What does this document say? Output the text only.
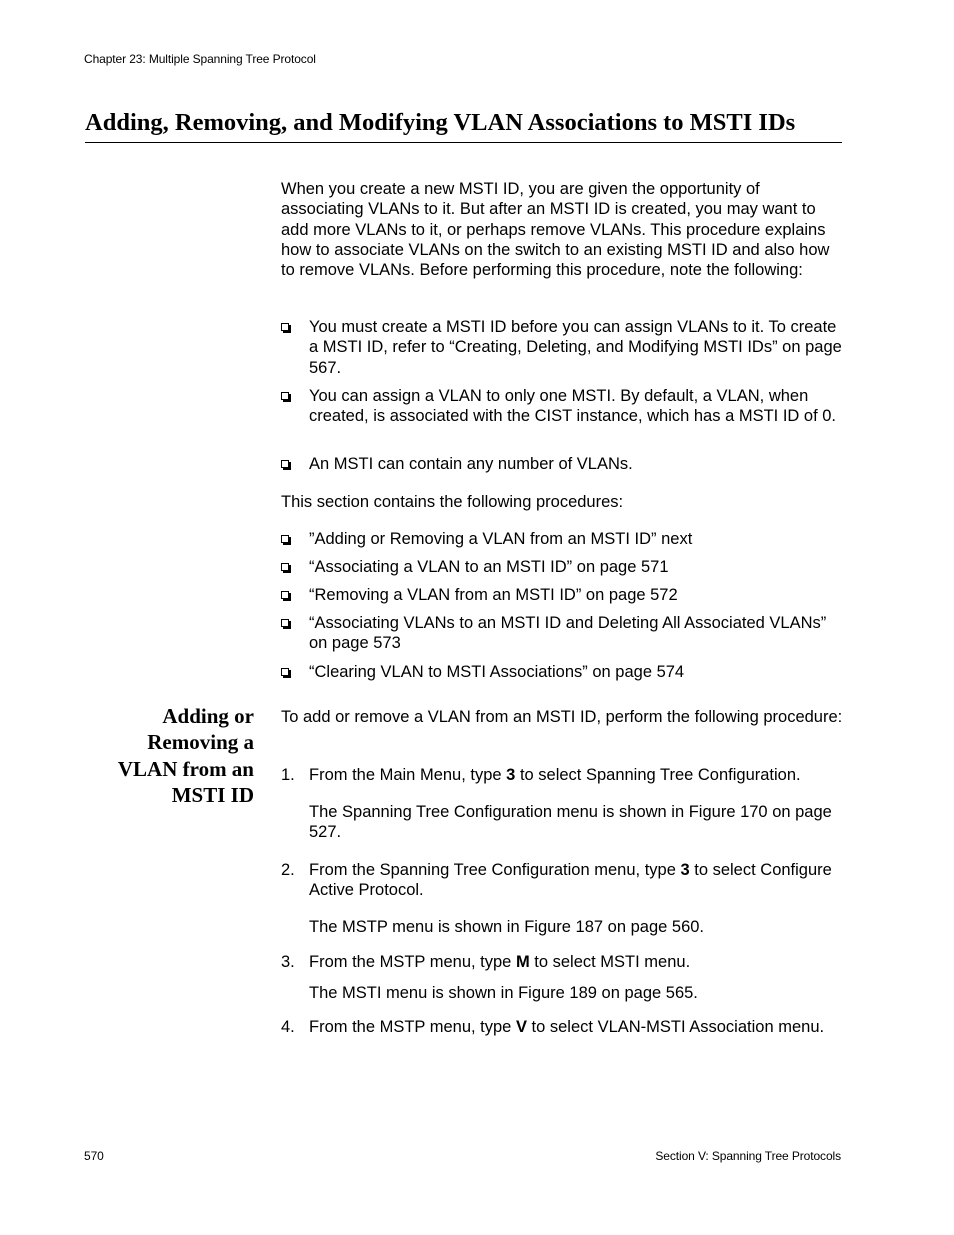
Chapter 23: Multiple Spanning Tree Protocol
Adding, Removing, and Modifying VLAN Associations to MSTI IDs
When you create a new MSTI ID, you are given the opportunity of associating VLANs to it. But after an MSTI ID is created, you may want to add more VLANs to it, or perhaps remove VLANs. This procedure explains how to associate VLANs on the switch to an existing MSTI ID and also how to remove VLANs. Before performing this procedure, note the following:
You must create a MSTI ID before you can assign VLANs to it. To create a MSTI ID, refer to “Creating, Deleting, and Modifying MSTI IDs” on page 567.
You can assign a VLAN to only one MSTI. By default, a VLAN, when created, is associated with the CIST instance, which has a MSTI ID of 0.
An MSTI can contain any number of VLANs.
This section contains the following procedures:
”Adding or Removing a VLAN from an MSTI ID” next
“Associating a VLAN to an MSTI ID” on page 571
“Removing a VLAN from an MSTI ID” on page 572
“Associating VLANs to an MSTI ID and Deleting All Associated VLANs” on page 573
“Clearing VLAN to MSTI Associations” on page 574
Adding or
Removing a
VLAN from an
MSTI ID
To add or remove a VLAN from an MSTI ID, perform the following procedure:
1. From the Main Menu, type 3 to select Spanning Tree Configuration.
The Spanning Tree Configuration menu is shown in Figure 170 on page 527.
2. From the Spanning Tree Configuration menu, type 3 to select Configure Active Protocol.
The MSTP menu is shown in Figure 187 on page 560.
3. From the MSTP menu, type M to select MSTI menu.
The MSTI menu is shown in Figure 189 on page 565.
4. From the MSTP menu, type V to select VLAN-MSTI Association menu.
570	Section V: Spanning Tree Protocols
